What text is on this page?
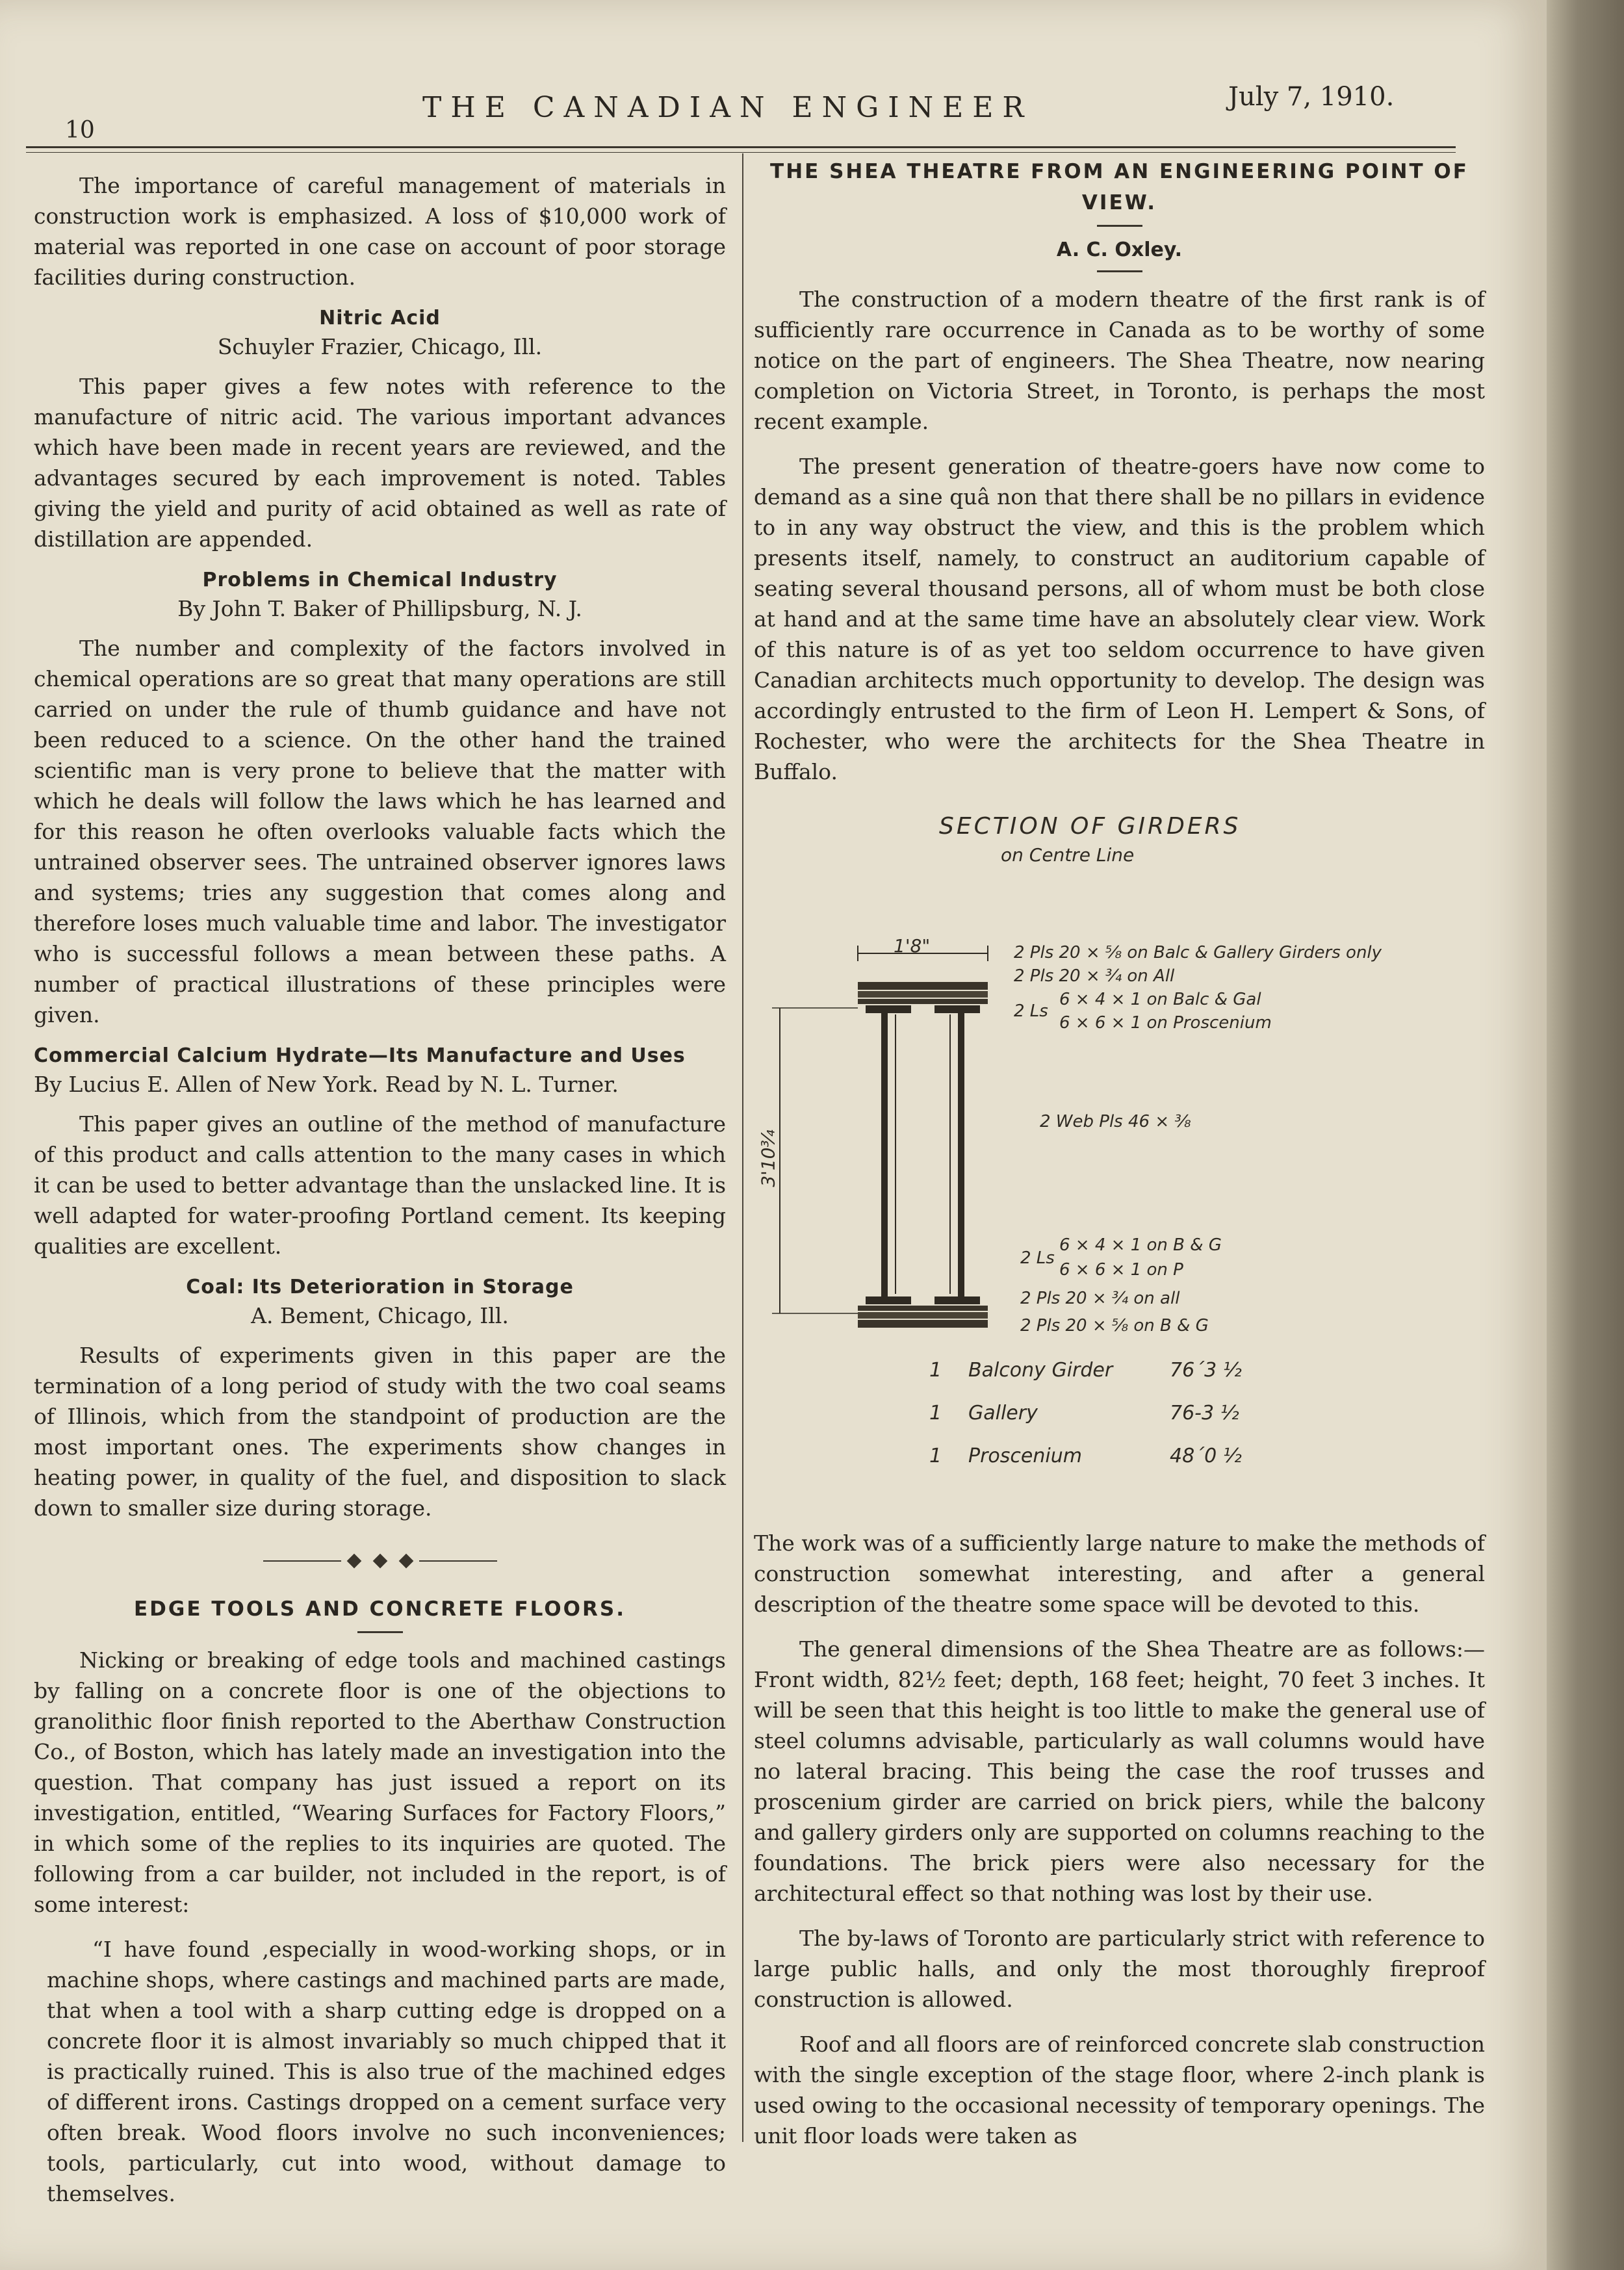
10
THE CANADIAN ENGINEER	July 7, 1910.

The importance of careful management of materials in construction work is emphasized. A loss of $10,000 work of material was reported in one case on account of poor storage facilities during construction.

Nitric Acid
Schuyler Frazier, Chicago, Ill.

This paper gives a few notes with reference to the manufacture of nitric acid. The various important advances which have been made in recent years are reviewed, and the advantages secured by each improvement is noted. Tables giving the yield and purity of acid obtained as well as rate of distillation are appended.

Problems in Chemical Industry
By John T. Baker of Phillipsburg, N. J.

The number and complexity of the factors involved in chemical operations are so great that many operations are still carried on under the rule of thumb guidance and have not been reduced to a science. On the other hand the trained scientific man is very prone to believe that the matter with which he deals will follow the laws which he has learned and for this reason he often overlooks valuable facts which the untrained observer sees. The untrained observer ignores laws and systems; tries any suggestion that comes along and therefore loses much valuable time and labor. The investigator who is successful follows a mean between these paths. A number of practical illustrations of these principles were given.

Commercial Calcium Hydrate—Its Manufacture and Uses
By Lucius E. Allen of New York. Read by N. L. Turner.

This paper gives an outline of the method of manufacture of this product and calls attention to the many cases in which it can be used to better advantage than the unslacked line. It is well adapted for water-proofing Portland cement. Its keeping qualities are excellent.

Coal: Its Deterioration in Storage
A. Bement, Chicago, Ill.

Results of experiments given in this paper are the termination of a long period of study with the two coal seams of Illinois, which from the standpoint of production are the most important ones. The experiments show changes in heating power, in quality of the fuel, and disposition to slack down to smaller size during storage.

EDGE TOOLS AND CONCRETE FLOORS.

Nicking or breaking of edge tools and machined castings by falling on a concrete floor is one of the objections to granolithic floor finish reported to the Aberthaw Construction Co., of Boston, which has lately made an investigation into the question. That company has just issued a report on its investigation, entitled, “Wearing Surfaces for Factory Floors,” in which some of the replies to its inquiries are quoted. The following from a car builder, not included in the report, is of some interest:

“I have found ,especially in wood-working shops, or in machine shops, where castings and machined parts are made, that when a tool with a sharp cutting edge is dropped on a concrete floor it is almost invariably so much chipped that it is practically ruined. This is also true of the machined edges of different irons. Castings dropped on a cement surface very often break. Wood floors involve no such inconveniences; tools, particularly, cut into wood, without damage to themselves.

THE SHEA THEATRE FROM AN ENGINEERING POINT OF VIEW.
A. C. Oxley.

The construction of a modern theatre of the first rank is of sufficiently rare occurrence in Canada as to be worthy of some notice on the part of engineers. The Shea Theatre, now nearing completion on Victoria Street, in Toronto, is perhaps the most recent example.

The present generation of theatre-goers have now come to demand as a sine quâ non that there shall be no pillars in evidence to in any way obstruct the view, and this is the problem which presents itself, namely, to construct an auditorium capable of seating several thousand persons, all of whom must be both close at hand and at the same time have an absolutely clear view. Work of this nature is of as yet too seldom occurrence to have given Canadian architects much opportunity to develop. The design was accordingly entrusted to the firm of Leon H. Lempert & Sons, of Rochester, who were the architects for the Shea Theatre in Buffalo.

SECTION OF GIRDERS
on Centre Line
1'8"
3'10¾
2 Pls 20 × ⅝ on Balc & Gallery Girders only
2 Pls 20 × ¾ on All
2 Ls
6 × 4 × 1 on Balc & Gal
6 × 6 × 1 on Proscenium
2 Web Pls 46 × ⅜
2 Ls
6 × 4 × 1 on B & G
6 × 6 × 1 on P
2 Pls 20 × ¾ on all
2 Pls 20 × ⅝ on B & G
1 Balcony Girder	76´3 ½
1 Gallery	76-3 ½
1 Proscenium	48´0 ½

The work was of a sufficiently large nature to make the methods of construction somewhat interesting, and after a general description of the theatre some space will be devoted to this.

The general dimensions of the Shea Theatre are as follows:—Front width, 82½ feet; depth, 168 feet; height, 70 feet 3 inches. It will be seen that this height is too little to make the general use of steel columns advisable, particularly as wall columns would have no lateral bracing. This being the case the roof trusses and proscenium girder are carried on brick piers, while the balcony and gallery girders only are supported on columns reaching to the foundations. The brick piers were also necessary for the architectural effect so that nothing was lost by their use.

The by-laws of Toronto are particularly strict with reference to large public halls, and only the most thoroughly fireproof construction is allowed.

Roof and all floors are of reinforced concrete slab construction with the single exception of the stage floor, where 2-inch plank is used owing to the occasional necessity of temporary openings. The unit floor loads were taken as
